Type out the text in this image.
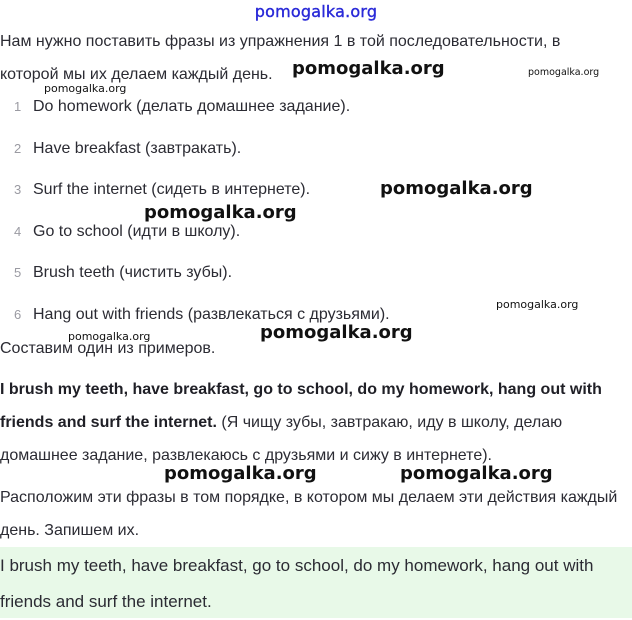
pomogalka.org

Нам нужно поставить фразы из упражнения 1 в той последовательности, в которой мы их делаем каждый день.

1 Do homework (делать домашнее задание).
2 Have breakfast (завтракать).
3 Surf the internet (сидеть в интернете).
4 Go to school (идти в школу).
5 Brush teeth (чистить зубы).
6 Hang out with friends (развлекаться с друзьями).

Составим один из примеров.

I brush my teeth, have breakfast, go to school, do my homework, hang out with friends and surf the internet. (Я чищу зубы, завтракаю, иду в школу, делаю домашнее задание, развлекаюсь с друзьями и сижу в интернете).

Расположим эти фразы в том порядке, в котором мы делаем эти действия каждый день. Запишем их.

I brush my teeth, have breakfast, go to school, do my homework, hang out with friends and surf the internet.

pomogalka.org	pomogalka.org
pomogalka.org
pomogalka.org
pomogalka.org
pomogalka.org
pomogalka.org
pomogalka.org
pomogalka.org	pomogalka.org
